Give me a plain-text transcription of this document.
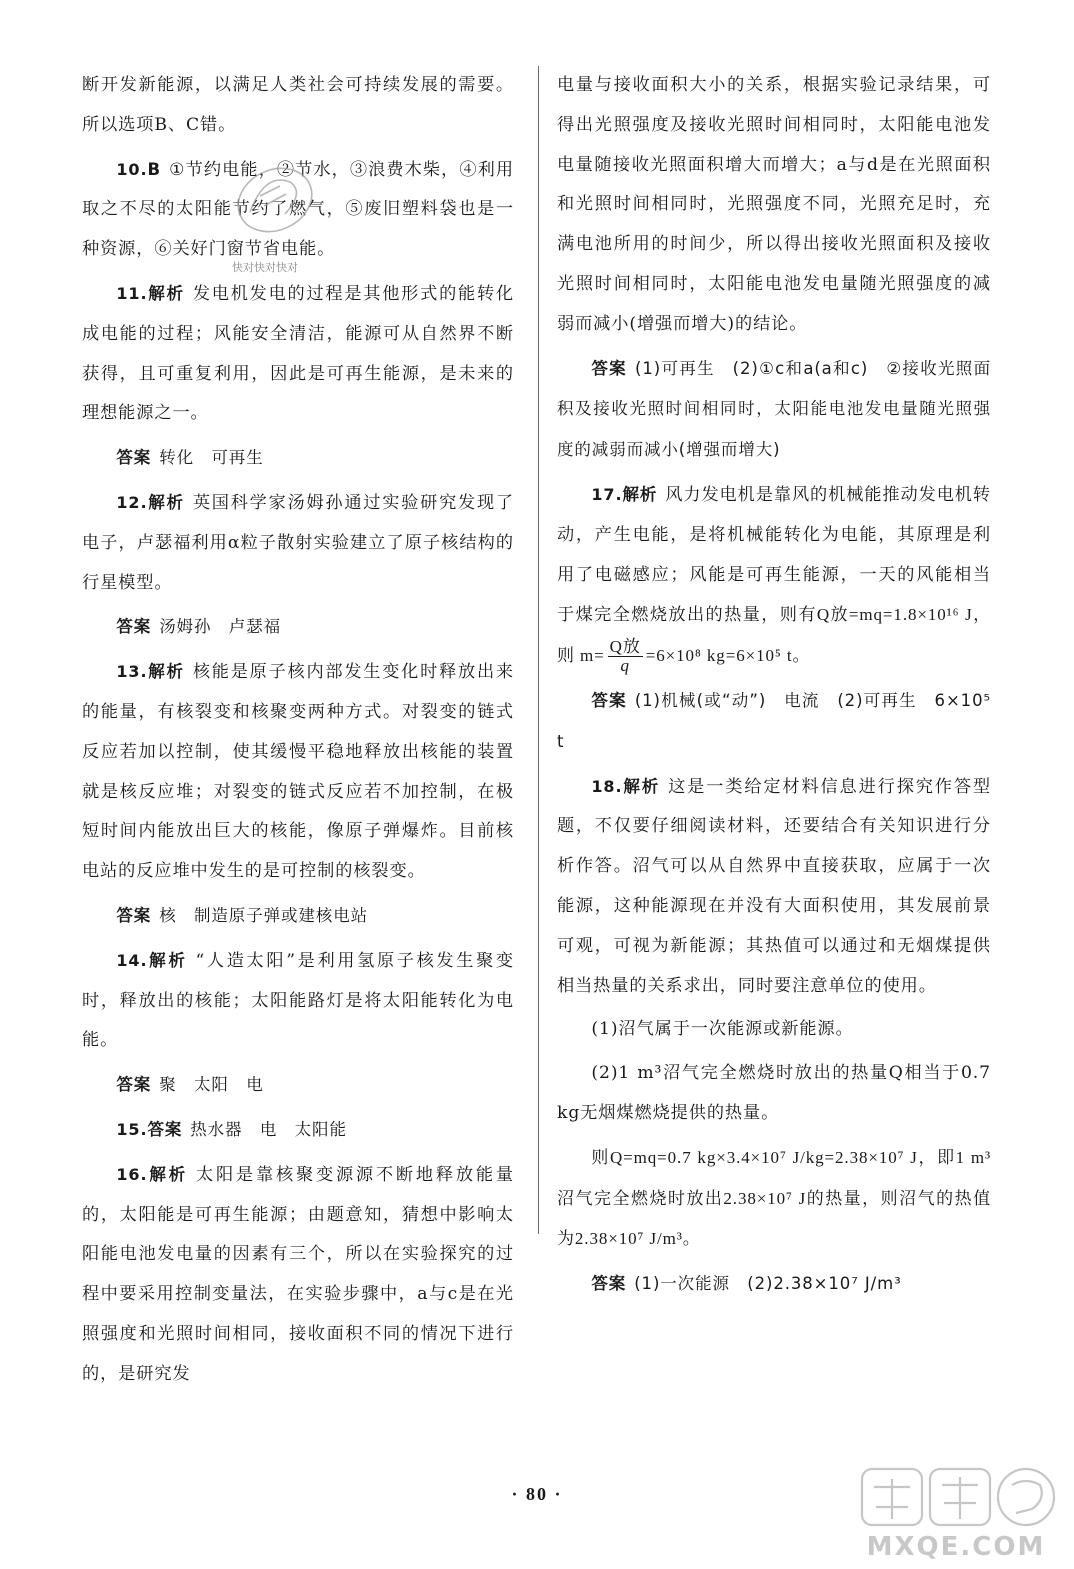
断开发新能源，以满足人类社会可持续发展的需要。所以选项B、C错。

10.B ①节约电能，②节水，③浪费木柴，④利用取之不尽的太阳能节约了燃气，⑤废旧塑料袋也是一种资源，⑥关好门窗节省电能。

11.解析 发电机发电的过程是其他形式的能转化成电能的过程；风能安全清洁，能源可从自然界不断获得，且可重复利用，因此是可再生能源，是未来的理想能源之一。

答案 转化　可再生

12.解析 英国科学家汤姆孙通过实验研究发现了电子，卢瑟福利用α粒子散射实验建立了原子核结构的行星模型。

答案 汤姆孙　卢瑟福

13.解析 核能是原子核内部发生变化时释放出来的能量，有核裂变和核聚变两种方式。对裂变的链式反应若加以控制，使其缓慢平稳地释放出核能的装置就是核反应堆；对裂变的链式反应若不加控制，在极短时间内能放出巨大的核能，像原子弹爆炸。目前核电站的反应堆中发生的是可控制的核裂变。

答案 核　制造原子弹或建核电站

14.解析 “人造太阳”是利用氢原子核发生聚变时，释放出的核能；太阳能路灯是将太阳能转化为电能。

答案 聚　太阳　电

15.答案 热水器　电　太阳能

16.解析 太阳是靠核聚变源源不断地释放能量的，太阳能是可再生能源；由题意知，猜想中影响太阳能电池发电量的因素有三个，所以在实验探究的过程中要采用控制变量法，在实验步骤中，a与c是在光照强度和光照时间相同，接收面积不同的情况下进行的，是研究发

电量与接收面积大小的关系，根据实验记录结果，可得出光照强度及接收光照时间相同时，太阳能电池发电量随接收光照面积增大而增大；a与d是在光照面积和光照时间相同时，光照强度不同，光照充足时，充满电池所用的时间少，所以得出接收光照面积及接收光照时间相同时，太阳能电池发电量随光照强度的减弱而减小(增强而增大)的结论。

答案 (1)可再生　(2)①c和a(a和c)　②接收光照面积及接收光照时间相同时，太阳能电池发电量随光照强度的减弱而减小(增强而增大)

17.解析 风力发电机是靠风的机械能推动发电机转动，产生电能，是将机械能转化为电能，其原理是利用了电磁感应；风能是可再生能源，一天的风能相当于煤完全燃烧放出的热量，则有Q放=mq=1.8×10¹⁶ J，则 m= Q放
q
=6×10⁸ kg=6×10⁵ t。

答案 (1)机械(或“动”)　电流　(2)可再生　6×10⁵ t

18.解析 这是一类给定材料信息进行探究作答型题，不仅要仔细阅读材料，还要结合有关知识进行分析作答。沼气可以从自然界中直接获取，应属于一次能源，这种能源现在并没有大面积使用，其发展前景可观，可视为新能源；其热值可以通过和无烟煤提供相当热量的关系求出，同时要注意单位的使用。

(1)沼气属于一次能源或新能源。

(2)1 m³沼气完全燃烧时放出的热量Q相当于0.7 kg无烟煤燃烧提供的热量。

则Q=mq=0.7 kg×3.4×10⁷ J/kg=2.38×10⁷ J，即1 m³沼气完全燃烧时放出2.38×10⁷ J的热量，则沼气的热值为2.38×10⁷ J/m³。

答案 (1)一次能源　(2)2.38×10⁷ J/m³

快对快对快对
· 80 ·
MXQE.COM
